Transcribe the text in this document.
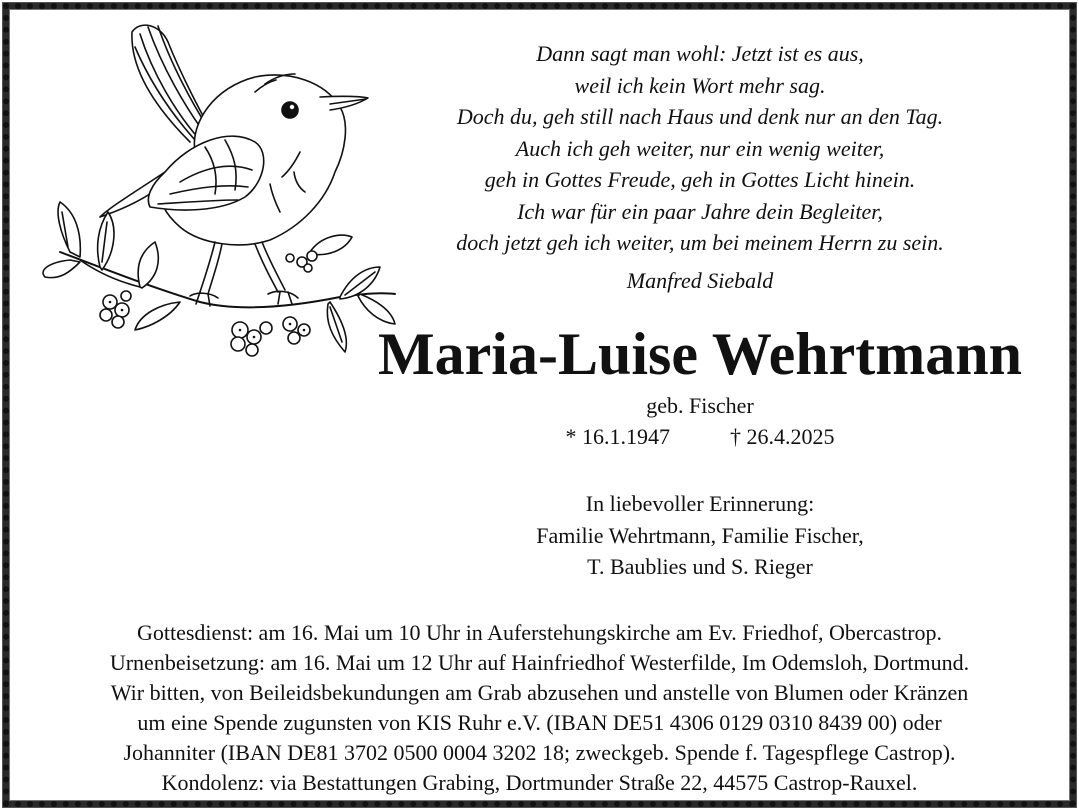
Dann sagt man wohl: Jetzt ist es aus,

weil ich kein Wort mehr sag.

Doch du, geh still nach Haus und denk nur an den Tag.

Auch ich geh weiter, nur ein wenig weiter,

geh in Gottes Freude, geh in Gottes Licht hinein.

Ich war für ein paar Jahre dein Begleiter,

doch jetzt geh ich weiter, um bei meinem Herrn zu sein.

Manfred Siebald
Maria-Luise Wehrtmann
geb. Fischer
* 16.1.1947	† 26.4.2025

In liebevoller Erinnerung:

Familie Wehrtmann, Familie Fischer,

T. Baublies und S. Rieger

Gottesdienst: am 16. Mai um 10 Uhr in Auferstehungskirche am Ev. Friedhof, Obercastrop.

Urnenbeisetzung: am 16. Mai um 12 Uhr auf Hainfriedhof Westerfilde, Im Odemsloh, Dortmund.

Wir bitten, von Beileidsbekundungen am Grab abzusehen und anstelle von Blumen oder Kränzen

um eine Spende zugunsten von KIS Ruhr e.V. (IBAN DE51 4306 0129 0310 8439 00) oder

Johanniter (IBAN DE81 3702 0500 0004 3202 18; zweckgeb. Spende f. Tagespflege Castrop).

Kondolenz: via Bestattungen Grabing, Dortmunder Straße 22, 44575 Castrop-Rauxel.
